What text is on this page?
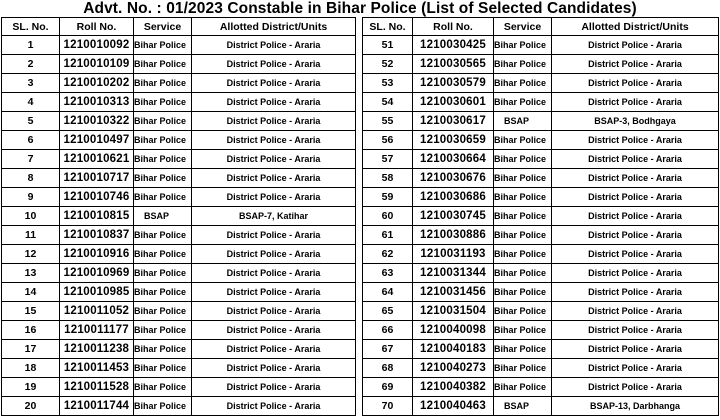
Advt. No. : 01/2023 Constable in Bihar Police (List of Selected Candidates)
SL. No.	Roll No.	Service	Allotted District/Units
1	1210010092	Bihar Police	District Police - Araria
2	1210010109	Bihar Police	District Police - Araria
3	1210010202	Bihar Police	District Police - Araria
4	1210010313	Bihar Police	District Police - Araria
5	1210010322	Bihar Police	District Police - Araria
6	1210010497	Bihar Police	District Police - Araria
7	1210010621	Bihar Police	District Police - Araria
8	1210010717	Bihar Police	District Police - Araria
9	1210010746	Bihar Police	District Police - Araria
10	1210010815	BSAP	BSAP-7, Katihar
11	1210010837	Bihar Police	District Police - Araria
12	1210010916	Bihar Police	District Police - Araria
13	1210010969	Bihar Police	District Police - Araria
14	1210010985	Bihar Police	District Police - Araria
15	1210011052	Bihar Police	District Police - Araria
16	1210011177	Bihar Police	District Police - Araria
17	1210011238	Bihar Police	District Police - Araria
18	1210011453	Bihar Police	District Police - Araria
19	1210011528	Bihar Police	District Police - Araria
20	1210011744	Bihar Police	District Police - Araria
SL. No.	Roll No.	Service	Allotted District/Units
51	1210030425	Bihar Police	District Police - Araria
52	1210030565	Bihar Police	District Police - Araria
53	1210030579	Bihar Police	District Police - Araria
54	1210030601	Bihar Police	District Police - Araria
55	1210030617	BSAP	BSAP-3, Bodhgaya
56	1210030659	Bihar Police	District Police - Araria
57	1210030664	Bihar Police	District Police - Araria
58	1210030676	Bihar Police	District Police - Araria
59	1210030686	Bihar Police	District Police - Araria
60	1210030745	Bihar Police	District Police - Araria
61	1210030886	Bihar Police	District Police - Araria
62	1210031193	Bihar Police	District Police - Araria
63	1210031344	Bihar Police	District Police - Araria
64	1210031456	Bihar Police	District Police - Araria
65	1210031504	Bihar Police	District Police - Araria
66	1210040098	Bihar Police	District Police - Araria
67	1210040183	Bihar Police	District Police - Araria
68	1210040273	Bihar Police	District Police - Araria
69	1210040382	Bihar Police	District Police - Araria
70	1210040463	BSAP	BSAP-13, Darbhanga
